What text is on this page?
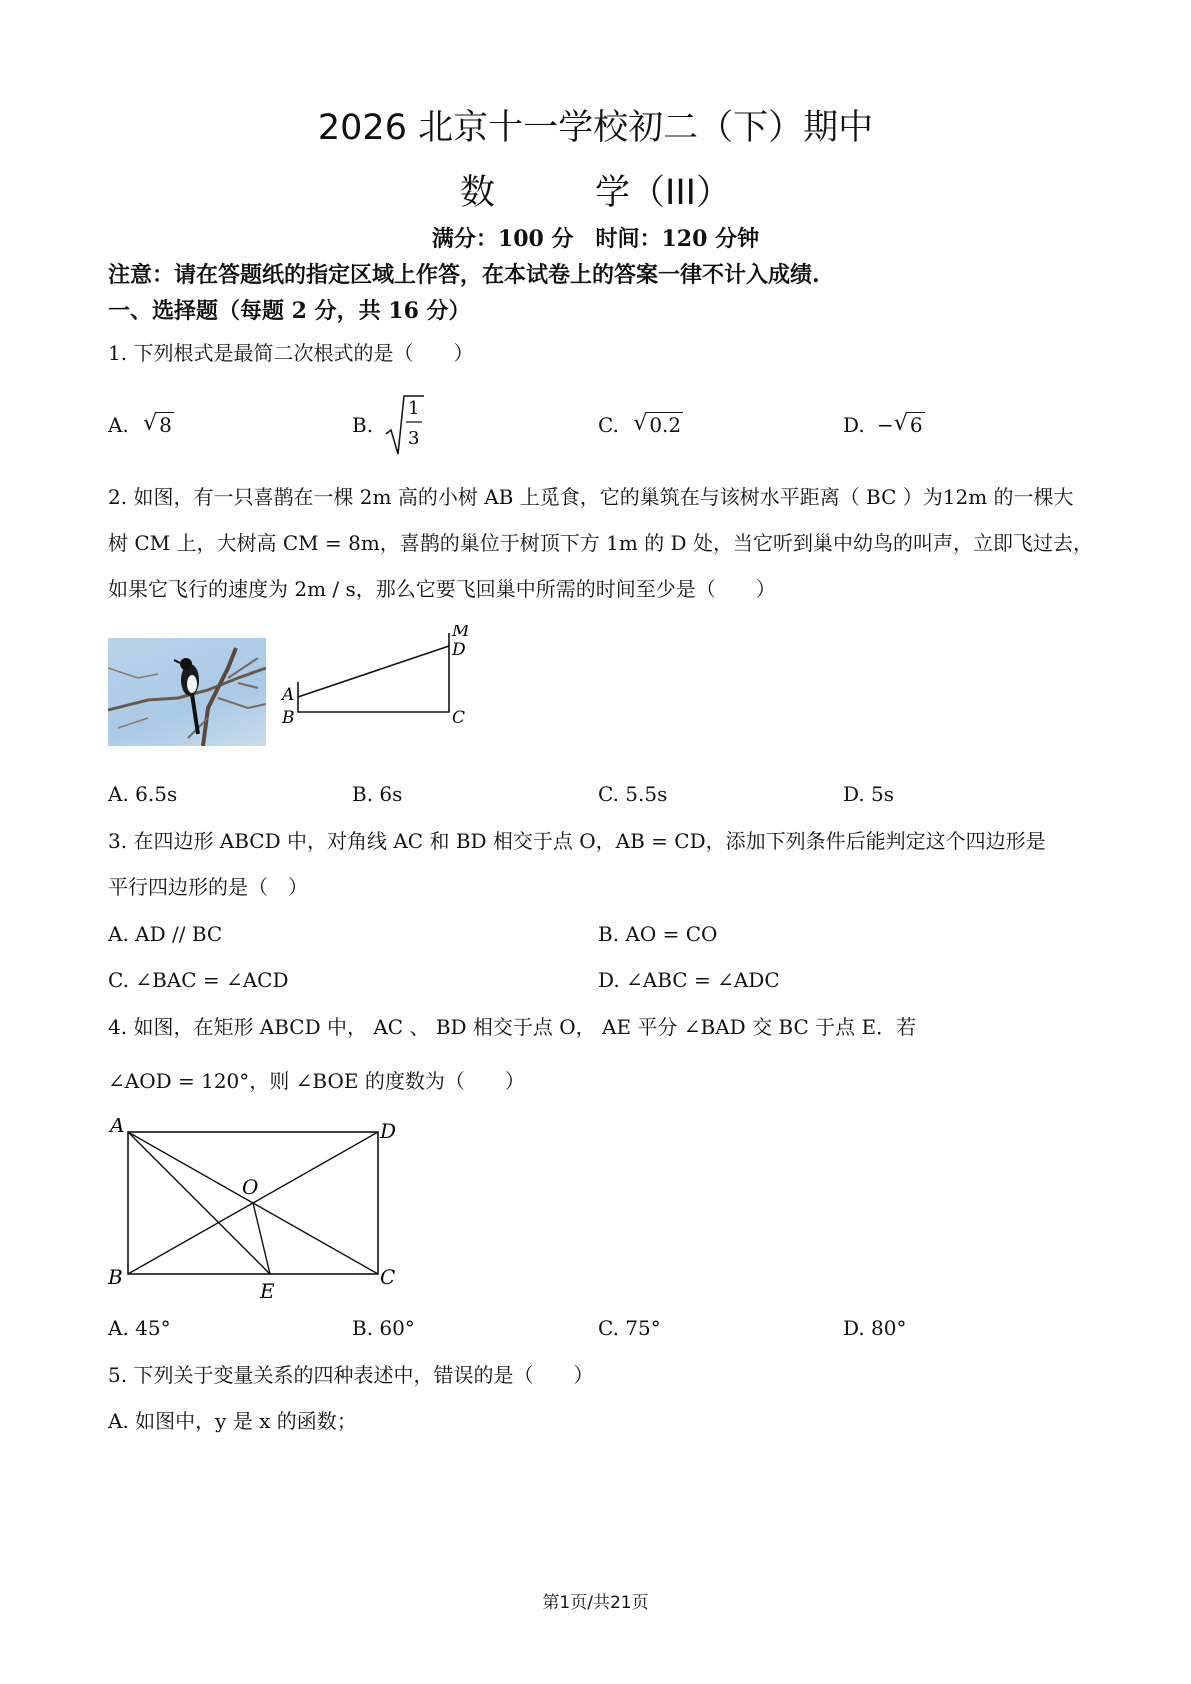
2026 北京十一学校初二（下）期中
数	学（III）
满分：100 分　时间：120 分钟
注意：请在答题纸的指定区域上作答，在本试卷上的答案一律不计入成绩.
一、选择题（每题 2 分，共 16 分）
1. 下列根式是最简二次根式的是（　　）
A. √ 8	B.
1
3
C. √ 0.2	D. − √ 6
2. 如图，有一只喜鹊在一棵 2m 高的小树 AB 上觅食，它的巢筑在与该树水平距离（ BC ）为12m 的一棵大
树 CM 上，大树高 CM = 8m，喜鹊的巢位于树顶下方 1m 的 D 处，当它听到巢中幼鸟的叫声，立即飞过去，
如果它飞行的速度为 2m / s，那么它要飞回巢中所需的时间至少是（　　）
M
D
A
B	C
A. 6.5s	B. 6s	C. 5.5s	D. 5s
3. 在四边形 ABCD 中，对角线 AC 和 BD 相交于点 O，AB = CD，添加下列条件后能判定这个四边形是
平行四边形的是（　）
A. AD // BC	B. AO = CO
C. ∠BAC = ∠ACD	D. ∠ABC = ∠ADC
4. 如图，在矩形 ABCD 中， AC 、 BD 相交于点 O， AE 平分 ∠BAD 交 BC 于点 E．若
∠AOD = 120°，则 ∠BOE 的度数为（　　）
A	D
O
B
E
C
A. 45°	B. 60°	C. 75°	D. 80°
5. 下列关于变量关系的四种表述中，错误的是（　　）
A. 如图中，y 是 x 的函数；
第1页/共21页
